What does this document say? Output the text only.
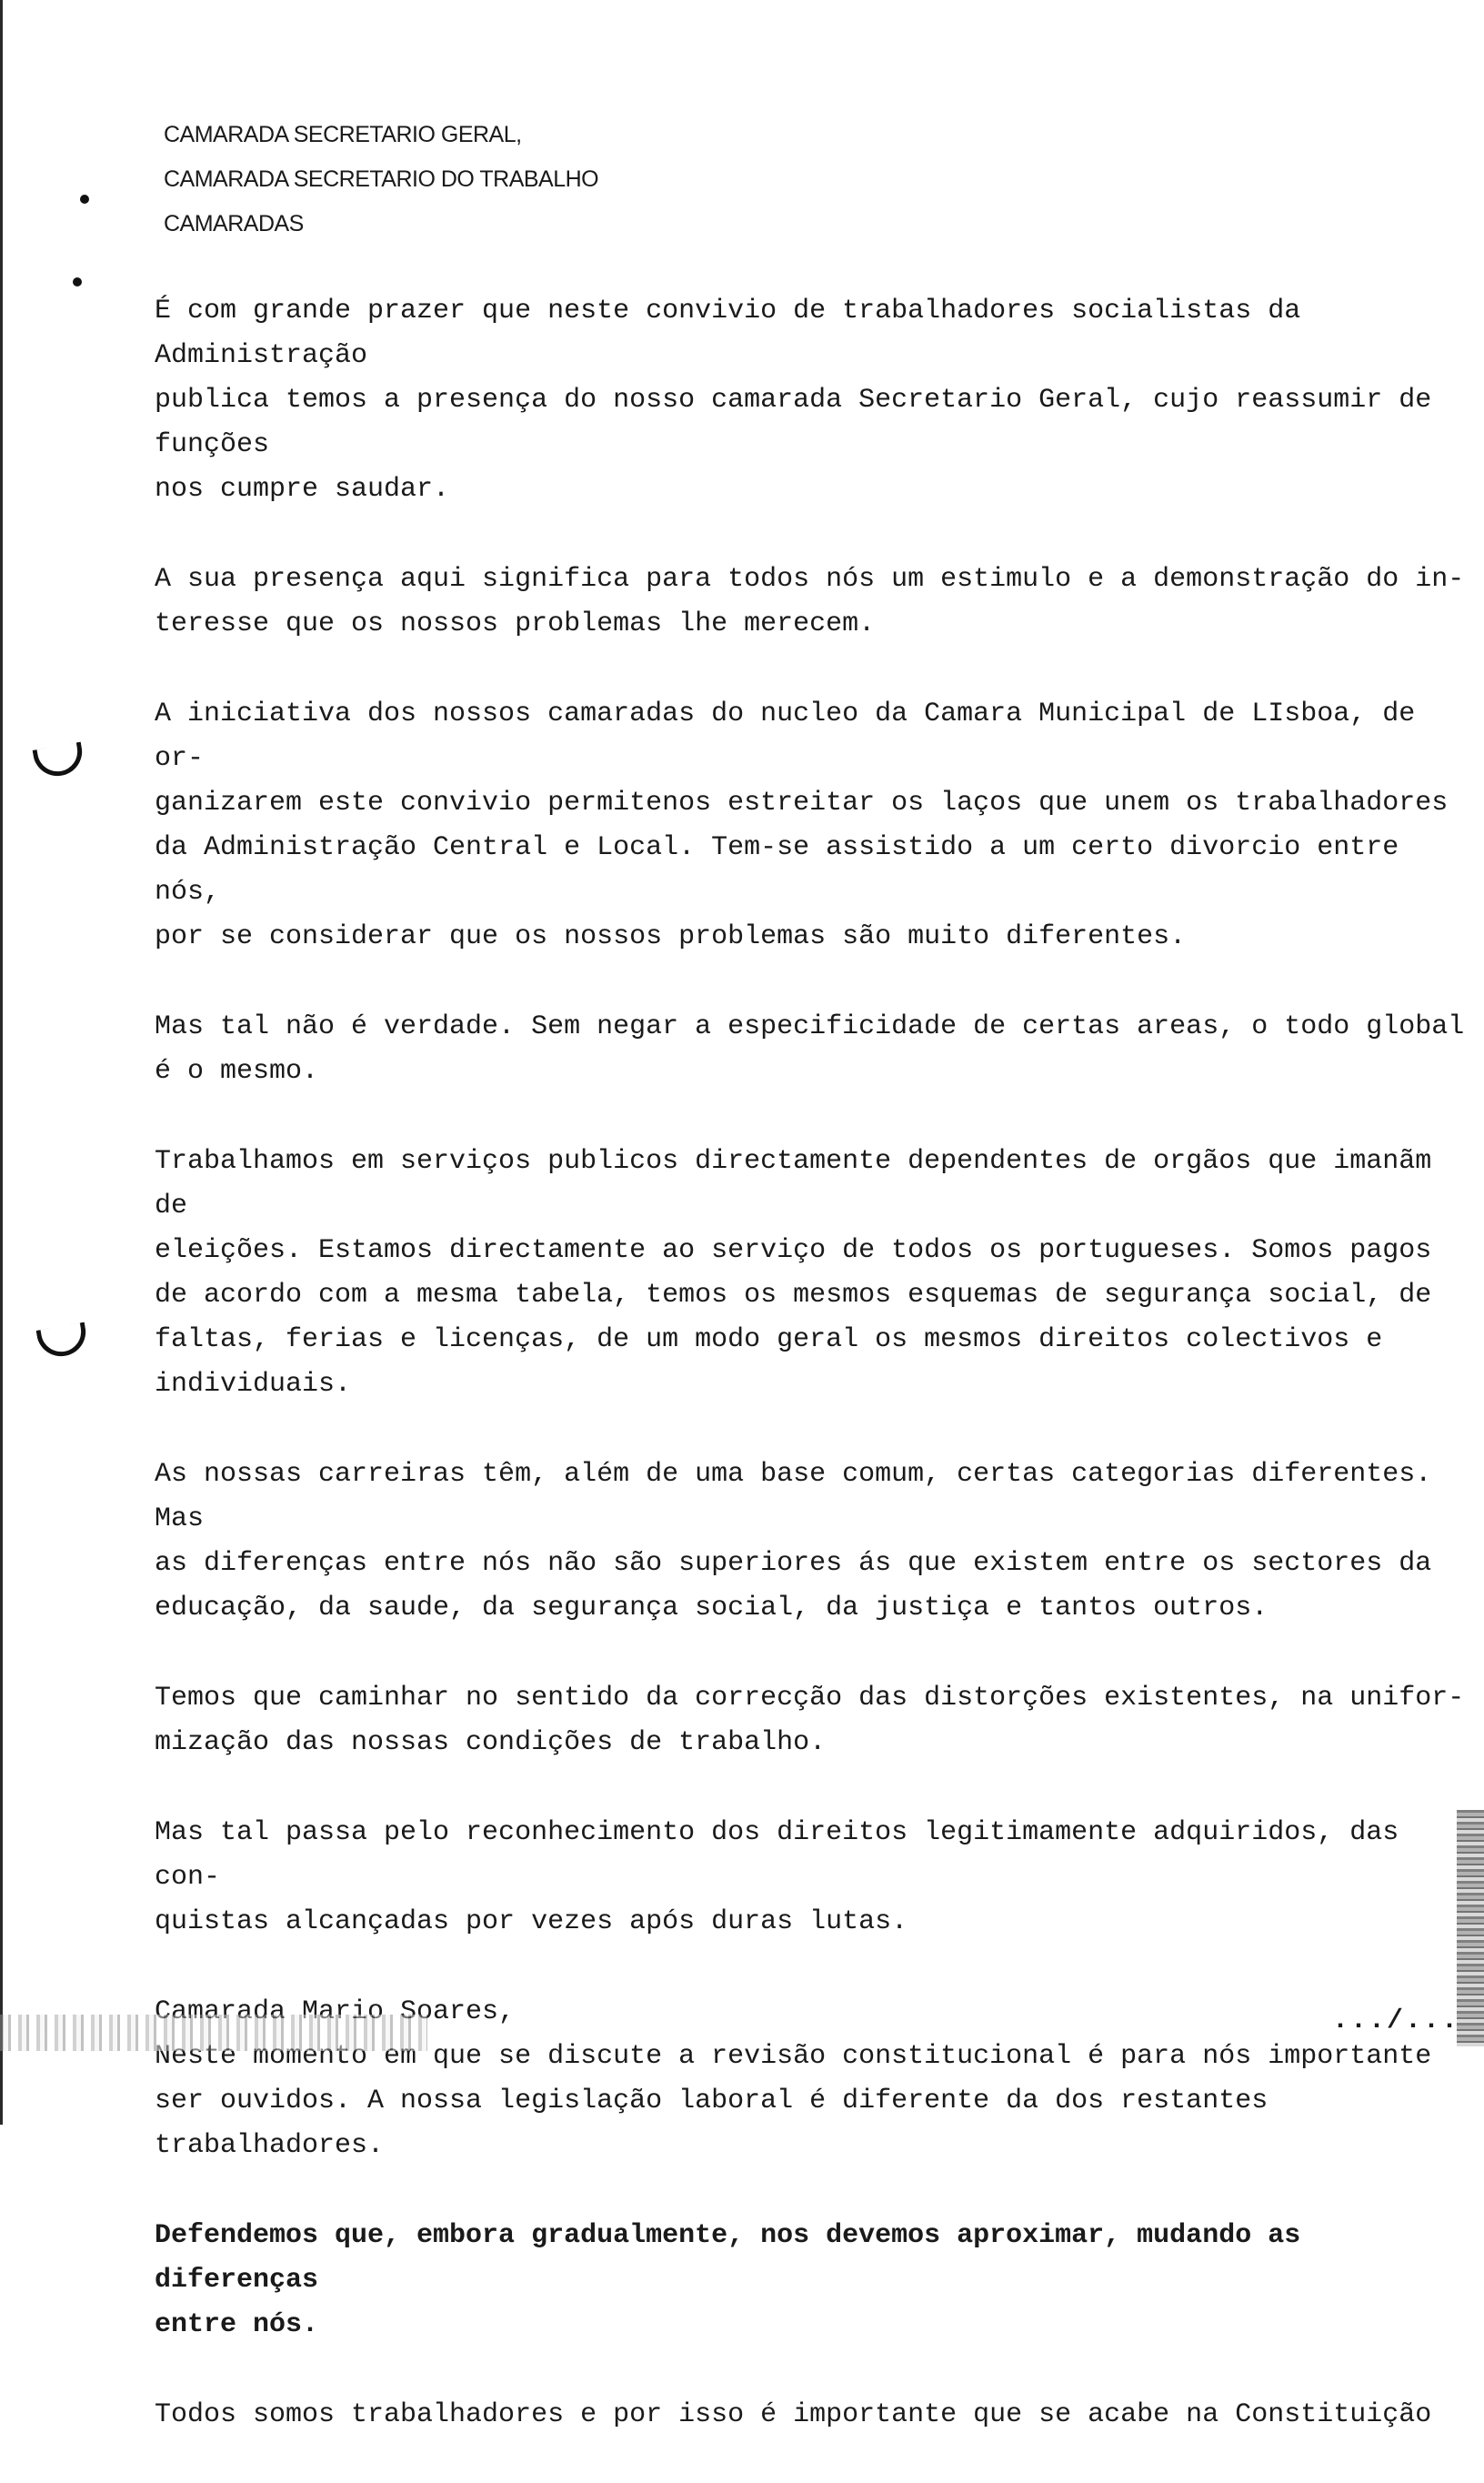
CAMARADA SECRETARIO GERAL,
CAMARADA SECRETARIO DO TRABALHO
CAMARADAS

É com grande prazer que neste convivio de trabalhadores socialistas da Administração
publica temos a presença do nosso camarada Secretario Geral, cujo reassumir de funções
nos cumpre saudar.

A sua presença aqui significa para todos nós um estimulo e a demonstração do in-
teresse que os nossos problemas lhe merecem.

A iniciativa dos nossos camaradas do nucleo da Camara Municipal de LIsboa, de or-
ganizarem este convivio permitenos estreitar os laços que unem os trabalhadores
da Administração Central e Local. Tem-se assistido a um certo divorcio entre nós,
por se considerar que os nossos problemas são muito diferentes.

Mas tal não é verdade. Sem negar a especificidade de certas areas, o todo global
é o mesmo.

Trabalhamos em serviços publicos directamente dependentes de orgãos que imanãm de
eleições. Estamos directamente ao serviço de todos os portugueses. Somos pagos
de acordo com a mesma tabela, temos os mesmos esquemas de segurança social, de
faltas, ferias e licenças, de um modo geral os mesmos direitos colectivos e individuais.

As nossas carreiras têm, além de uma base comum, certas categorias diferentes. Mas
as diferenças entre nós não são superiores ás que existem entre os sectores da
educação, da saude, da segurança social, da justiça e tantos outros.

Temos que caminhar no sentido da correcção das distorções existentes, na unifor-
mização das nossas condições de trabalho.

Mas tal passa pelo reconhecimento dos direitos legitimamente adquiridos, das con-
quistas alcançadas por vezes após duras lutas.

Camarada Mario Soares,

Neste momento em que se discute a revisão constitucional é para nós importante
ser ouvidos. A nossa legislação laboral é diferente da dos restantes trabalhadores.

Defendemos que, embora gradualmente, nos devemos aproximar, mudando as diferenças
entre nós.

Todos somos trabalhadores e por isso é importante que se acabe na Constituição

.../...
